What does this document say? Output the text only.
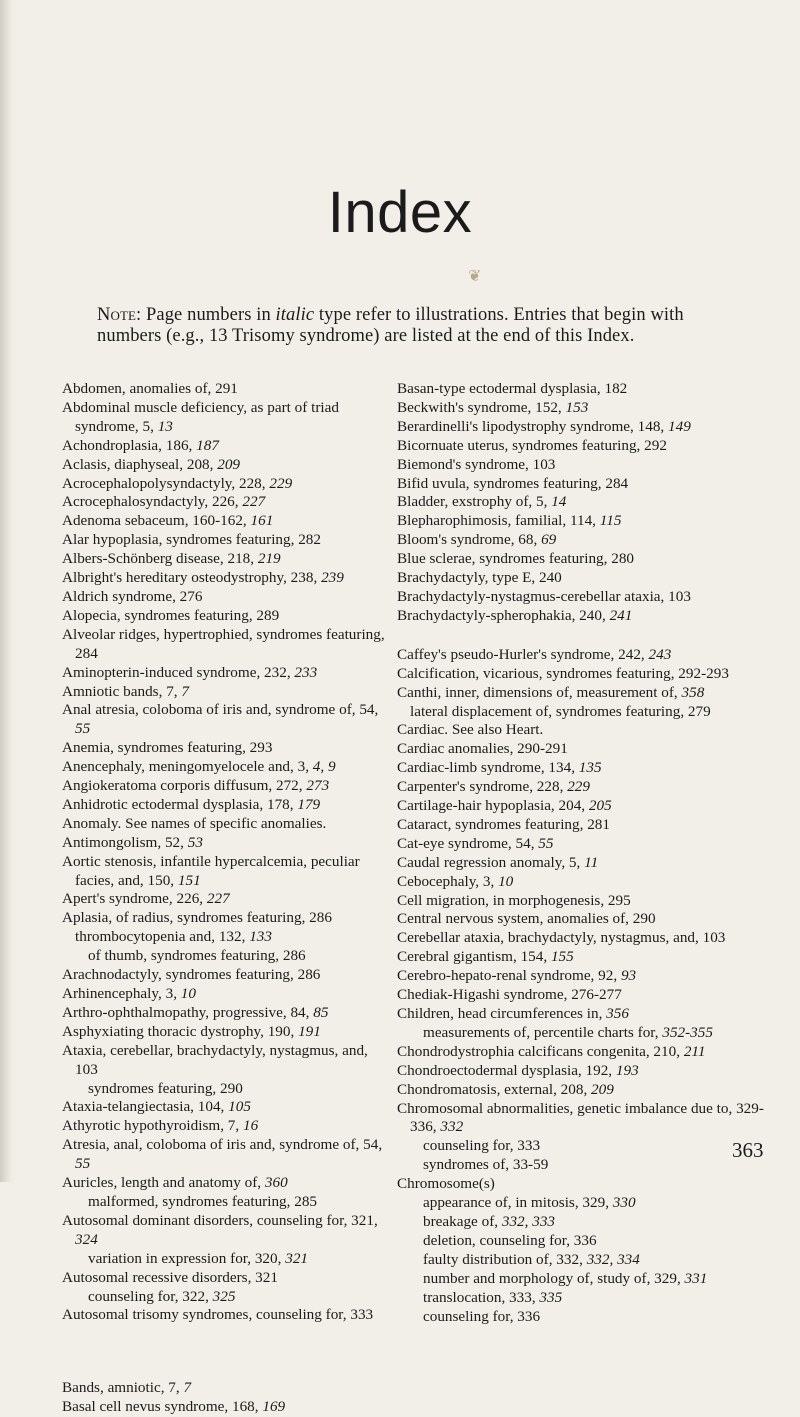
Index
❦
Note: Page numbers in italic type refer to illustrations. Entries that begin with numbers (e.g., 13 Trisomy syndrome) are listed at the end of this Index.
Abdomen, anomalies of, 291
Abdominal muscle deficiency, as part of triad syndrome, 5, 13
Achondroplasia, 186, 187
Aclasis, diaphyseal, 208, 209
Acrocephalopolysyndactyly, 228, 229
Acrocephalosyndactyly, 226, 227
Adenoma sebaceum, 160-162, 161
Alar hypoplasia, syndromes featuring, 282
Albers-Schönberg disease, 218, 219
Albright's hereditary osteodystrophy, 238, 239
Aldrich syndrome, 276
Alopecia, syndromes featuring, 289
Alveolar ridges, hypertrophied, syndromes featuring, 284
Aminopterin-induced syndrome, 232, 233
Amniotic bands, 7, 7
Anal atresia, coloboma of iris and, syndrome of, 54, 55
Anemia, syndromes featuring, 293
Anencephaly, meningomyelocele and, 3, 4, 9
Angiokeratoma corporis diffusum, 272, 273
Anhidrotic ectodermal dysplasia, 178, 179
Anomaly. See names of specific anomalies.
Antimongolism, 52, 53
Aortic stenosis, infantile hypercalcemia, peculiar facies, and, 150, 151
Apert's syndrome, 226, 227
Aplasia, of radius, syndromes featuring, 286
thrombocytopenia and, 132, 133
of thumb, syndromes featuring, 286
Arachnodactyly, syndromes featuring, 286
Arhinencephaly, 3, 10
Arthro-ophthalmopathy, progressive, 84, 85
Asphyxiating thoracic dystrophy, 190, 191
Ataxia, cerebellar, brachydactyly, nystagmus, and, 103
syndromes featuring, 290
Ataxia-telangiectasia, 104, 105
Athyrotic hypothyroidism, 7, 16
Atresia, anal, coloboma of iris and, syndrome of, 54, 55
Auricles, length and anatomy of, 360
malformed, syndromes featuring, 285
Autosomal dominant disorders, counseling for, 321, 324
variation in expression for, 320, 321
Autosomal recessive disorders, 321
counseling for, 322, 325
Autosomal trisomy syndromes, counseling for, 333
Bands, amniotic, 7, 7
Basal cell nevus syndrome, 168, 169
Basan-type ectodermal dysplasia, 182
Beckwith's syndrome, 152, 153
Berardinelli's lipodystrophy syndrome, 148, 149
Bicornuate uterus, syndromes featuring, 292
Biemond's syndrome, 103
Bifid uvula, syndromes featuring, 284
Bladder, exstrophy of, 5, 14
Blepharophimosis, familial, 114, 115
Bloom's syndrome, 68, 69
Blue sclerae, syndromes featuring, 280
Brachydactyly, type E, 240
Brachydactyly-nystagmus-cerebellar ataxia, 103
Brachydactyly-spherophakia, 240, 241
Caffey's pseudo-Hurler's syndrome, 242, 243
Calcification, vicarious, syndromes featuring, 292-293
Canthi, inner, dimensions of, measurement of, 358
lateral displacement of, syndromes featuring, 279
Cardiac. See also Heart.
Cardiac anomalies, 290-291
Cardiac-limb syndrome, 134, 135
Carpenter's syndrome, 228, 229
Cartilage-hair hypoplasia, 204, 205
Cataract, syndromes featuring, 281
Cat-eye syndrome, 54, 55
Caudal regression anomaly, 5, 11
Cebocephaly, 3, 10
Cell migration, in morphogenesis, 295
Central nervous system, anomalies of, 290
Cerebellar ataxia, brachydactyly, nystagmus, and, 103
Cerebral gigantism, 154, 155
Cerebro-hepato-renal syndrome, 92, 93
Chediak-Higashi syndrome, 276-277
Children, head circumferences in, 356
measurements of, percentile charts for, 352-355
Chondrodystrophia calcificans congenita, 210, 211
Chondroectodermal dysplasia, 192, 193
Chondromatosis, external, 208, 209
Chromosomal abnormalities, genetic imbalance due to, 329-336, 332
counseling for, 333
syndromes of, 33-59
Chromosome(s)
appearance of, in mitosis, 329, 330
breakage of, 332, 333
deletion, counseling for, 336
faulty distribution of, 332, 332, 334
number and morphology of, study of, 329, 331
translocation, 333, 335
counseling for, 336
363
